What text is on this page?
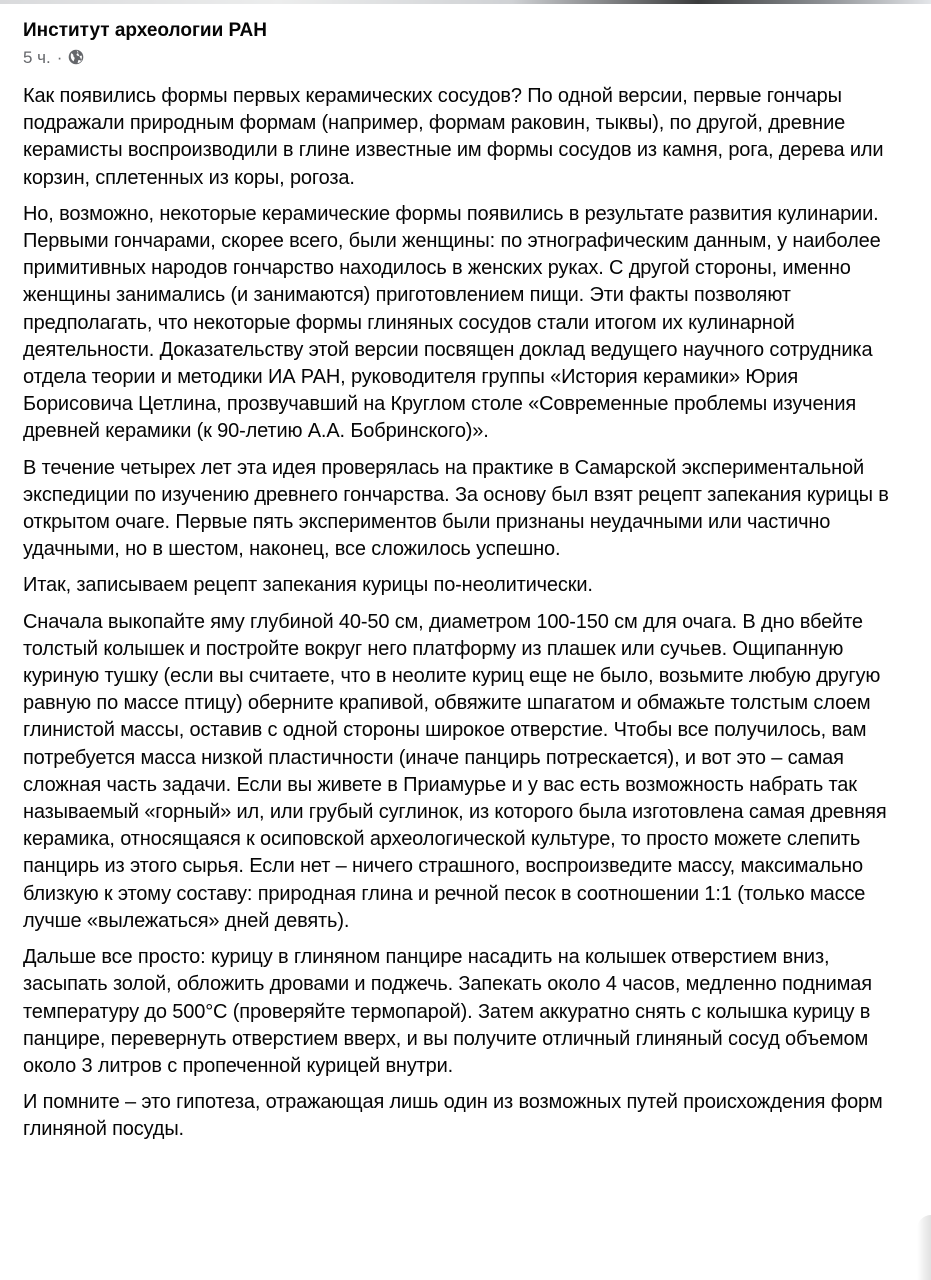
Институт археологии РАН
5 ч. ·

Как появились формы первых керамических сосудов? По одной версии, первые гончары подражали природным формам (например, формам раковин, тыквы), по другой, древние керамисты воспроизводили в глине известные им формы сосудов из камня, рога, дерева или корзин, сплетенных из коры, рогоза.

Но, возможно, некоторые керамические формы появились в результате развития кулинарии. Первыми гончарами, скорее всего, были женщины: по этнографическим данным, у наиболее примитивных народов гончарство находилось в женских руках. С другой стороны, именно женщины занимались (и занимаются) приготовлением пищи. Эти факты позволяют предполагать, что некоторые формы глиняных сосудов стали итогом их кулинарной деятельности. Доказательству этой версии посвящен доклад ведущего научного сотрудника отдела теории и методики ИА РАН, руководителя группы «История керамики» Юрия Борисовича Цетлина, прозвучавший на Круглом столе «Современные проблемы изучения древней керамики (к 90-летию А.А. Бобринского)».

В течение четырех лет эта идея проверялась на практике в Самарской экспериментальной экспедиции по изучению древнего гончарства. За основу был взят рецепт запекания курицы в открытом очаге. Первые пять экспериментов были признаны неудачными или частично удачными, но в шестом, наконец, все сложилось успешно.

Итак, записываем рецепт запекания курицы по-неолитически.

Сначала выкопайте яму глубиной 40-50 см, диаметром 100-150 см для очага. В дно вбейте толстый колышек и постройте вокруг него платформу из плашек или сучьев. Ощипанную куриную тушку (если вы считаете, что в неолите куриц еще не было, возьмите любую другую равную по массе птицу) оберните крапивой, обвяжите шпагатом и обмажьте толстым слоем глинистой массы, оставив с одной стороны широкое отверстие. Чтобы все получилось, вам потребуется масса низкой пластичности (иначе панцирь потрескается), и вот это – самая сложная часть задачи. Если вы живете в Приамурье и у вас есть возможность набрать так называемый «горный» ил, или грубый суглинок, из которого была изготовлена самая древняя керамика, относящаяся к осиповской археологической культуре, то просто можете слепить панцирь из этого сырья. Если нет – ничего страшного, воспроизведите массу, максимально близкую к этому составу: природная глина и речной песок в соотношении 1:1 (только массе лучше «вылежаться» дней девять).

Дальше все просто: курицу в глиняном панцире насадить на колышек отверстием вниз, засыпать золой, обложить дровами и поджечь. Запекать около 4 часов, медленно поднимая температуру до 500°С (проверяйте термопарой). Затем аккуратно снять с колышка курицу в панцире, перевернуть отверстием вверх, и вы получите отличный глиняный сосуд объемом около 3 литров с пропеченной курицей внутри.

И помните – это гипотеза, отражающая лишь один из возможных путей происхождения форм глиняной посуды.
